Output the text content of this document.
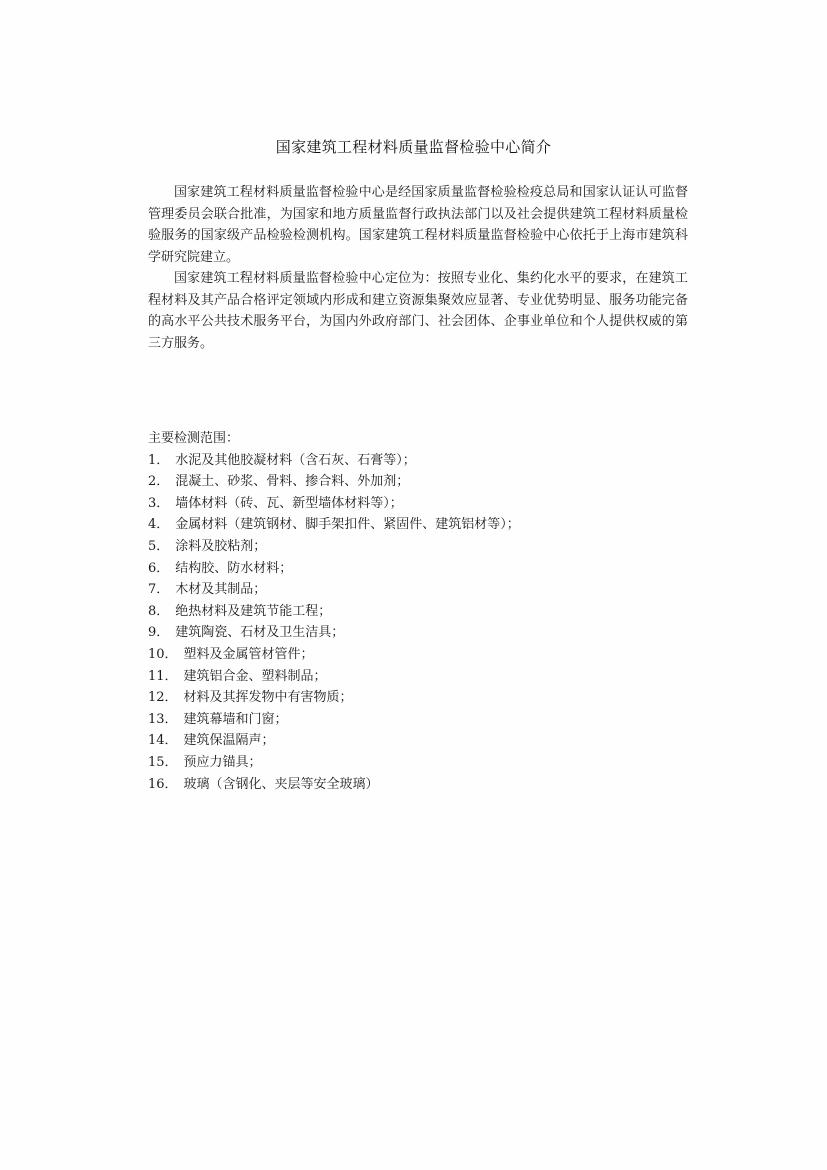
国家建筑工程材料质量监督检验中心简介

国家建筑工程材料质量监督检验中心是经国家质量监督检验检疫总局和国家认证认可监督管理委员会联合批准，为国家和地方质量监督行政执法部门以及社会提供建筑工程材料质量检验服务的国家级产品检验检测机构。国家建筑工程材料质量监督检验中心依托于上海市建筑科学研究院建立。

国家建筑工程材料质量监督检验中心定位为：按照专业化、集约化水平的要求，在建筑工程材料及其产品合格评定领域内形成和建立资源集聚效应显著、专业优势明显、服务功能完备的高水平公共技术服务平台，为国内外政府部门、社会团体、企事业单位和个人提供权威的第三方服务。

主要检测范围：
1． 水泥及其他胶凝材料（含石灰、石膏等）；
2． 混凝土、砂浆、骨料、掺合料、外加剂；
3． 墙体材料（砖、瓦、新型墙体材料等）；
4． 金属材料（建筑钢材、脚手架扣件、紧固件、建筑铝材等）；
5． 涂料及胶粘剂；
6． 结构胶、防水材料；
7． 木材及其制品；
8． 绝热材料及建筑节能工程；
9． 建筑陶瓷、石材及卫生洁具；
10． 塑料及金属管材管件；
11． 建筑铝合金、塑料制品；
12． 材料及其挥发物中有害物质；
13． 建筑幕墙和门窗；
14． 建筑保温隔声；
15． 预应力锚具；
16． 玻璃（含钢化、夹层等安全玻璃）
